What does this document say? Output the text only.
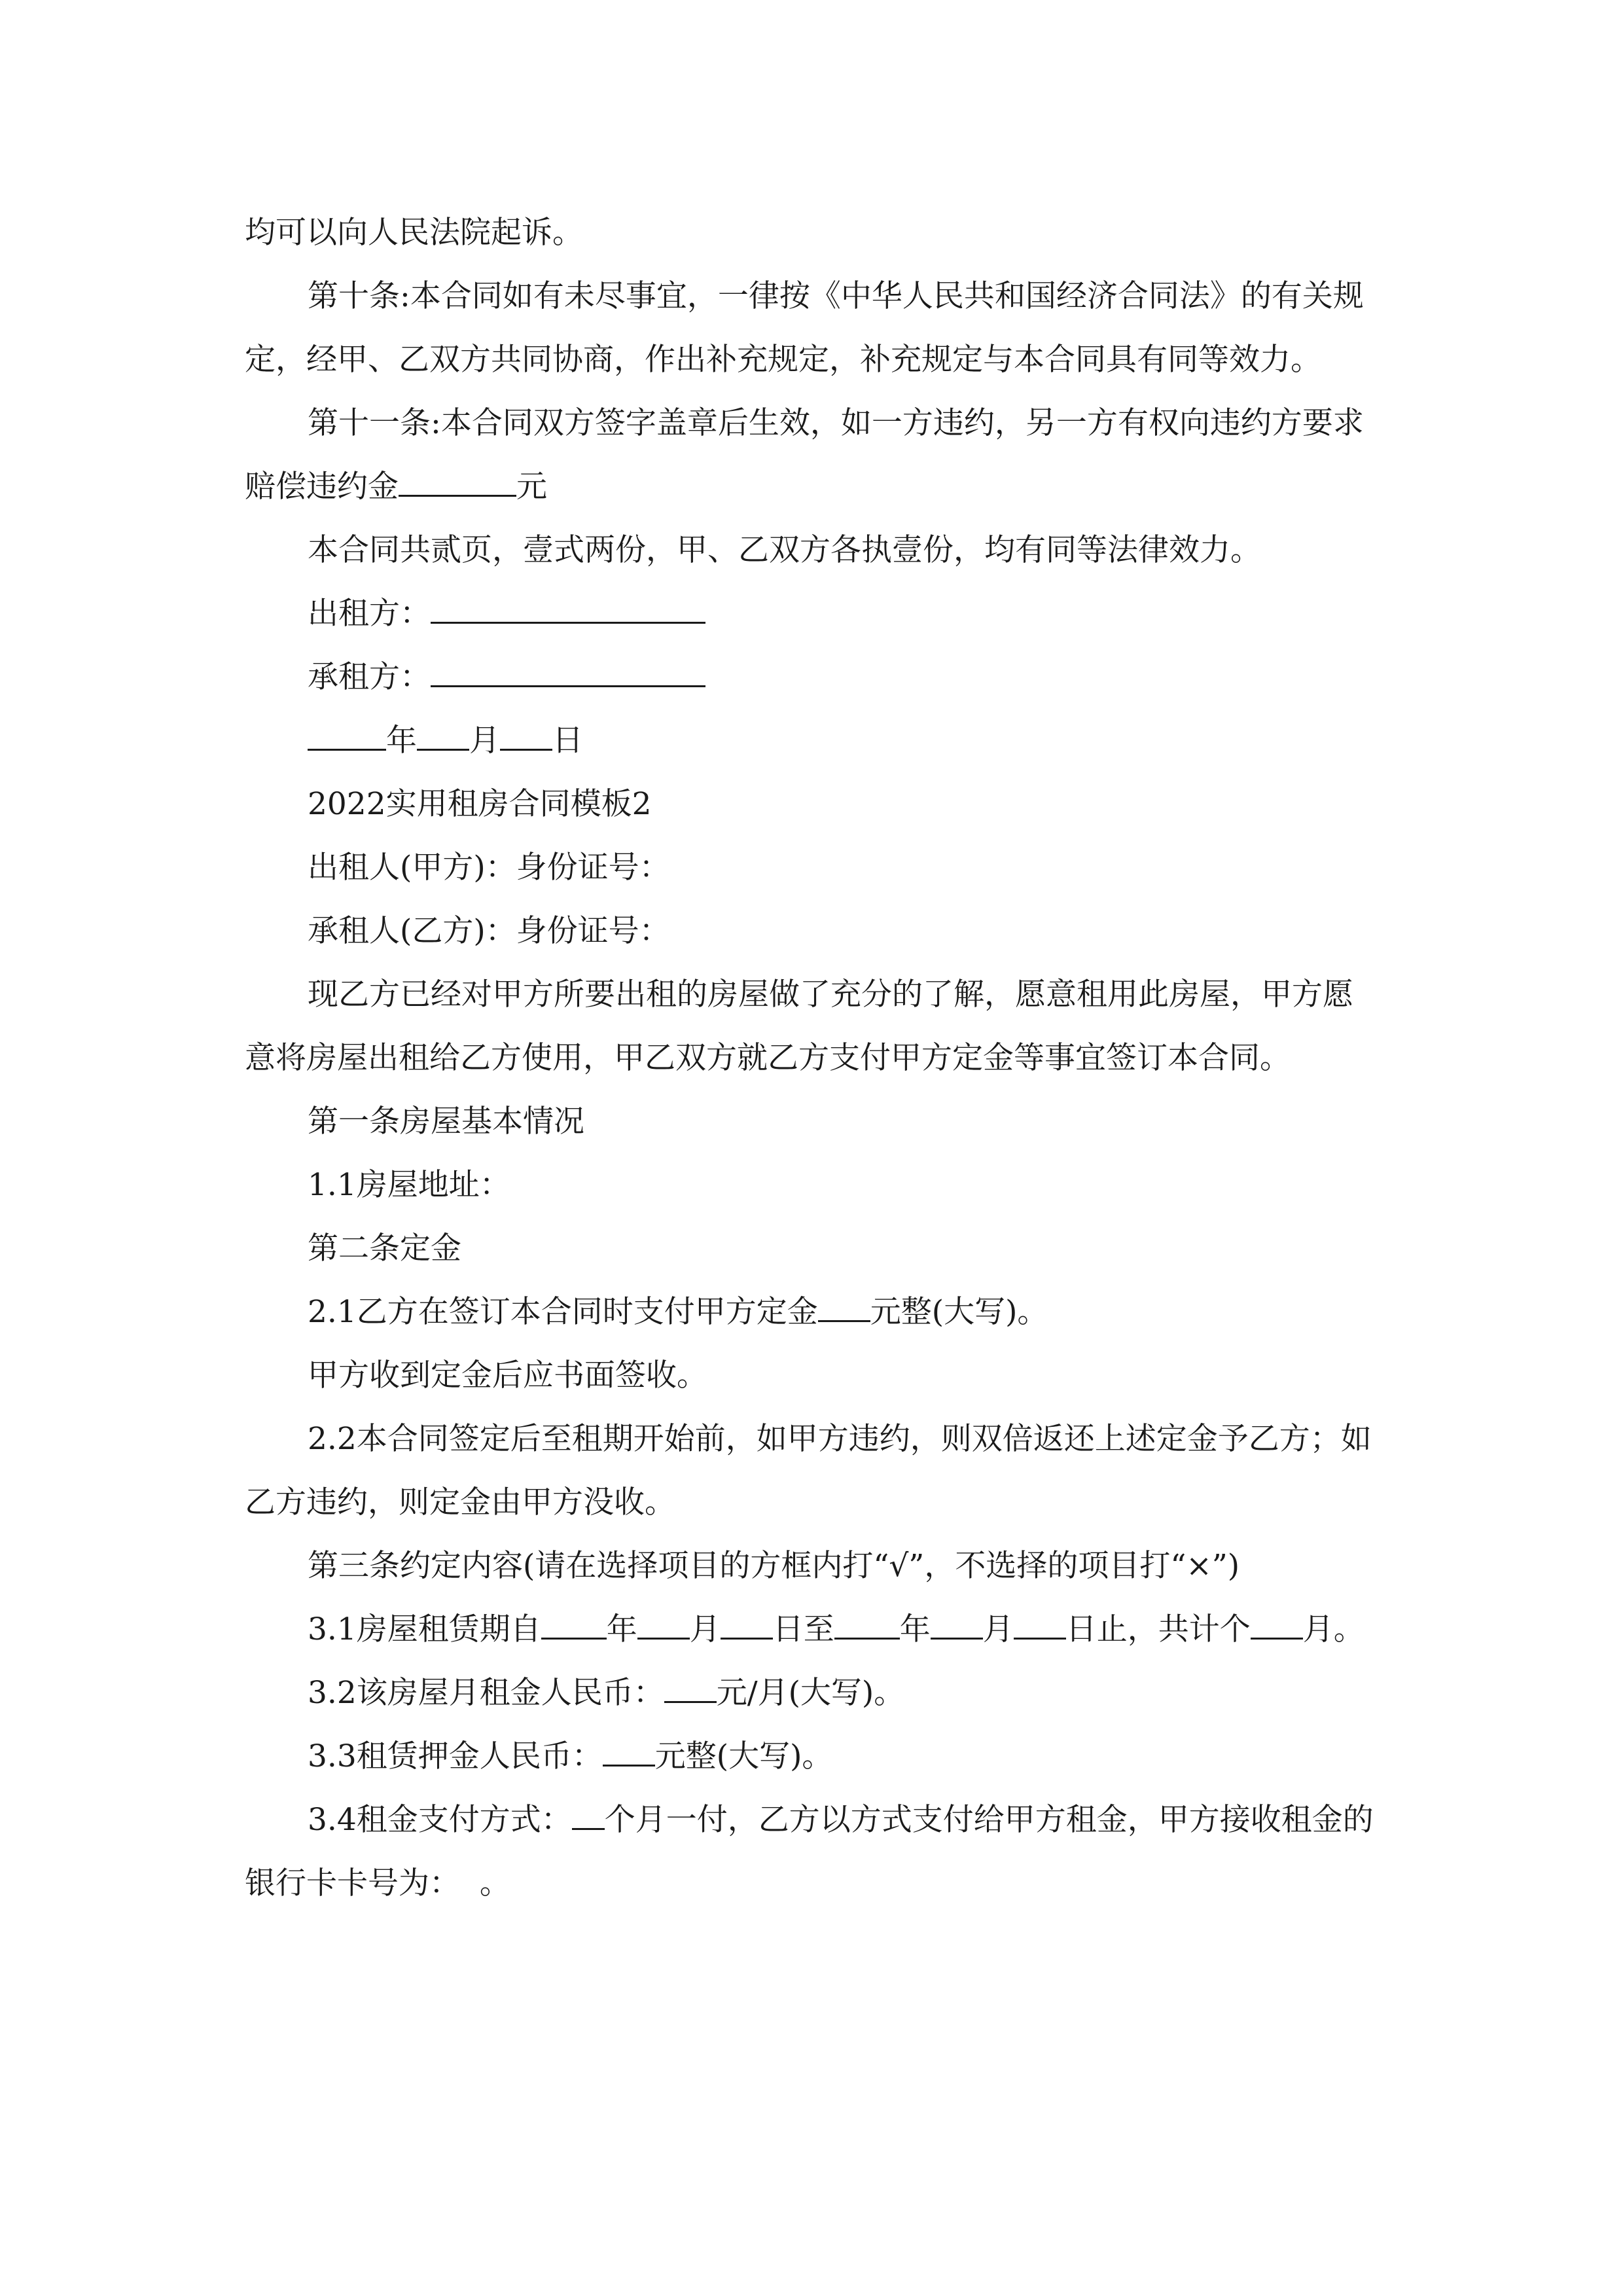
均可以向人民法院起诉。

第十条:本合同如有未尽事宜，一律按《中华人民共和国经济合同法》的有关规定，经甲、乙双方共同协商，作出补充规定，补充规定与本合同具有同等效力。

第十一条:本合同双方签字盖章后生效，如一方违约，另一方有权向违约方要求赔偿违约金	元

本合同共贰页，壹式两份，甲、乙双方各执壹份，均有同等法律效力。

出租方：

承租方：

年 月 日

2022实用租房合同模板2

出租人(甲方)：身份证号：

承租人(乙方)：身份证号：

现乙方已经对甲方所要出租的房屋做了充分的了解，愿意租用此房屋，甲方愿意将房屋出租给乙方使用，甲乙双方就乙方支付甲方定金等事宜签订本合同。

第一条房屋基本情况

1.1房屋地址：

第二条定金

2.1乙方在签订本合同时支付甲方定金 元整(大写)。

甲方收到定金后应书面签收。

2.2本合同签定后至租期开始前，如甲方违约，则双倍返还上述定金予乙方；如乙方违约，则定金由甲方没收。

第三条约定内容(请在选择项目的方框内打“√”，不选择的项目打“×”)

3.1房屋租赁期自 年 月 日至 年 月 日止，共计个 月。

3.2该房屋月租金人民币： 元/月(大写)。

3.3租赁押金人民币： 元整(大写)。

3.4租金支付方式： 个月一付，乙方以方式支付给甲方租金，甲方接收租金的银行卡卡号为： 。
